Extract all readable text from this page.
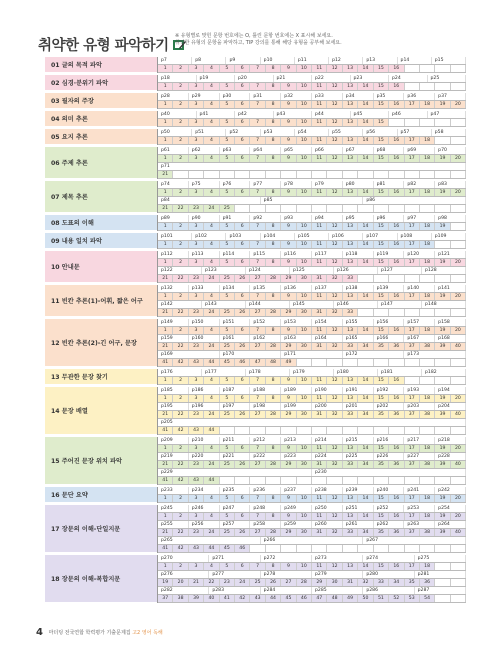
취약한 유형 파악하기
※ 유형별로 맞힌 문항 번호에는 O, 틀린 문항 번호에는 X 표시해 보세요.
취약한 유형의 문항을 파악하고, TIP 강의를 통해 해당 유형을 공부해 보세요.
01 글의 목적 파악
p7	p8	p9	p10	p11	p12	p13	p14	p15
1	2	3	4	5	6	7	8	9	10	11	12	13	14	15	16
02 심경·분위기 파악
p18	p19	p20	p21	p22	p23	p24	p25
1	2	3	4	5	6	7	8	9	10	11	12	13	14	15	16
03 필자의 주장
p28	p29	p30	p31	p32	p33	p34	p35	p36	p37
1	2	3	4	5	6	7	8	9	10	11	12	13	14	15	16	17	18	19	20
04 의미 추론
p40	p41	p42	p43	p44	p45	p46	p47
1	2	3	4	5	6	7	8	9	10	11	12	13	14	15
05 요지 추론
p50	p51	p52	p53	p54	p55	p56	p57	p58
1	2	3	4	5	6	7	8	9	10	11	12	13	14	15	16	17	18
06 주제 추론
p61	p62	p63	p64	p65	p66	p67	p68	p69	p70
1	2	3	4	5	6	7	8	9	10	11	12	13	14	15	16	17	18	19	20
p71
21
07 제목 추론
p74	p75	p76	p77	p78	p79	p80	p81	p82	p83
1	2	3	4	5	6	7	8	9	10	11	12	13	14	15	16	17	18	19	20
p84	p85	p86
21	22	23	24	25
08 도표의 이해
p89	p90	p91	p92	p93	p94	p95	p96	p97	p98
1	2	3	4	5	6	7	8	9	10	11	12	13	14	15	16	17	18	19
09 내용 일치 파악
p101	p102	p103	p104	p105	p106	p107	p108	p109
1	2	3	4	5	6	7	8	9	10	11	12	13	14	15	16	17	18
10 안내문
p112	p113	p114	p115	p116	p117	p118	p119	p120	p121
1	2	3	4	5	6	7	8	9	10	11	12	13	14	15	16	17	18	19	20
p122	p123	p124	p125	p126	p127	p128
21	22	23	24	25	26	27	28	29	30	31	32	33
11 빈칸 추론(1)-어휘, 짧은 어구
p132	p133	p134	p135	p136	p137	p138	p139	p140	p141
1	2	3	4	5	6	7	8	9	10	11	12	13	14	15	16	17	18	19	20
p142	p143	p144	p145	p146	p147	p148
21	22	23	24	25	26	27	28	29	30	31	32	33
12 빈칸 추론(2)-긴 어구, 문장
p149	p150	p151	p152	p153	p154	p155	p156	p157	p158
1	2	3	4	5	6	7	8	9	10	11	12	13	14	15	16	17	18	19	20
p159	p160	p161	p162	p163	p164	p165	p166	p167	p168
21	22	23	24	25	26	27	28	29	30	31	32	33	34	35	36	37	38	39	40
p169	p170	p171	p172	p173
41	42	43	44	45	46	47	48	49
13 무관한 문장 찾기
p176	p177	p178	p179	p180	p181	p182
1	2	3	4	5	6	7	8	9	10	11	12	13	14	15	16
14 문장 배열
p185	p186	p187	p188	p189	p190	p191	p192	p193	p194
1	2	3	4	5	6	7	8	9	10	11	12	13	14	15	16	17	18	19	20
p195	p196	p197	p198	p199	p200	p201	p202	p203	p204
21	22	23	24	25	26	27	28	29	30	31	32	33	34	35	36	37	38	39	40
p205
41	42	43	44
15 주어진 문장 위치 파악
p209	p210	p211	p212	p213	p214	p215	p216	p217	p218
1	2	3	4	5	6	7	8	9	10	11	12	13	14	15	16	17	18	19	20
p219	p220	p221	p222	p223	p224	p225	p226	p227	p228
21	22	23	24	25	26	27	28	29	30	31	32	33	34	35	36	37	38	39	40
p229	p230
41	42	43	44
16 문단 요약
p233	p234	p235	p236	p237	p238	p239	p240	p241	p242
1	2	3	4	5	6	7	8	9	10	11	12	13	14	15	16	17	18	19	20
17 장문의 이해-단일지문
p245	p246	p247	p248	p249	p250	p251	p252	p253	p254
1	2	3	4	5	6	7	8	9	10	11	12	13	14	15	16	17	18	19	20
p255	p256	p257	p258	p259	p260	p261	p262	p263	p264
21	22	23	24	25	26	27	28	29	30	31	32	33	34	35	36	37	38	39	40
p265	p266	p267
41	42	43	44	45	46
18 장문의 이해-복합지문
p270	p271	p272	p273	p274	p275
1	2	3	4	5	6	7	8	9	10	11	12	13	14	15	16	17	18
p276	p277	p278	p279	p280	p281
19	20	21	22	23	24	25	26	27	28	29	30	31	32	33	34	35	36
p282	p283	p284	p285	p286	p287
37	38	39	40	41	42	43	44	45	46	47	48	49	50	51	52	53	54
4 마더텅 전국연합 학력평가 기출문제집 고2 영어 독해
